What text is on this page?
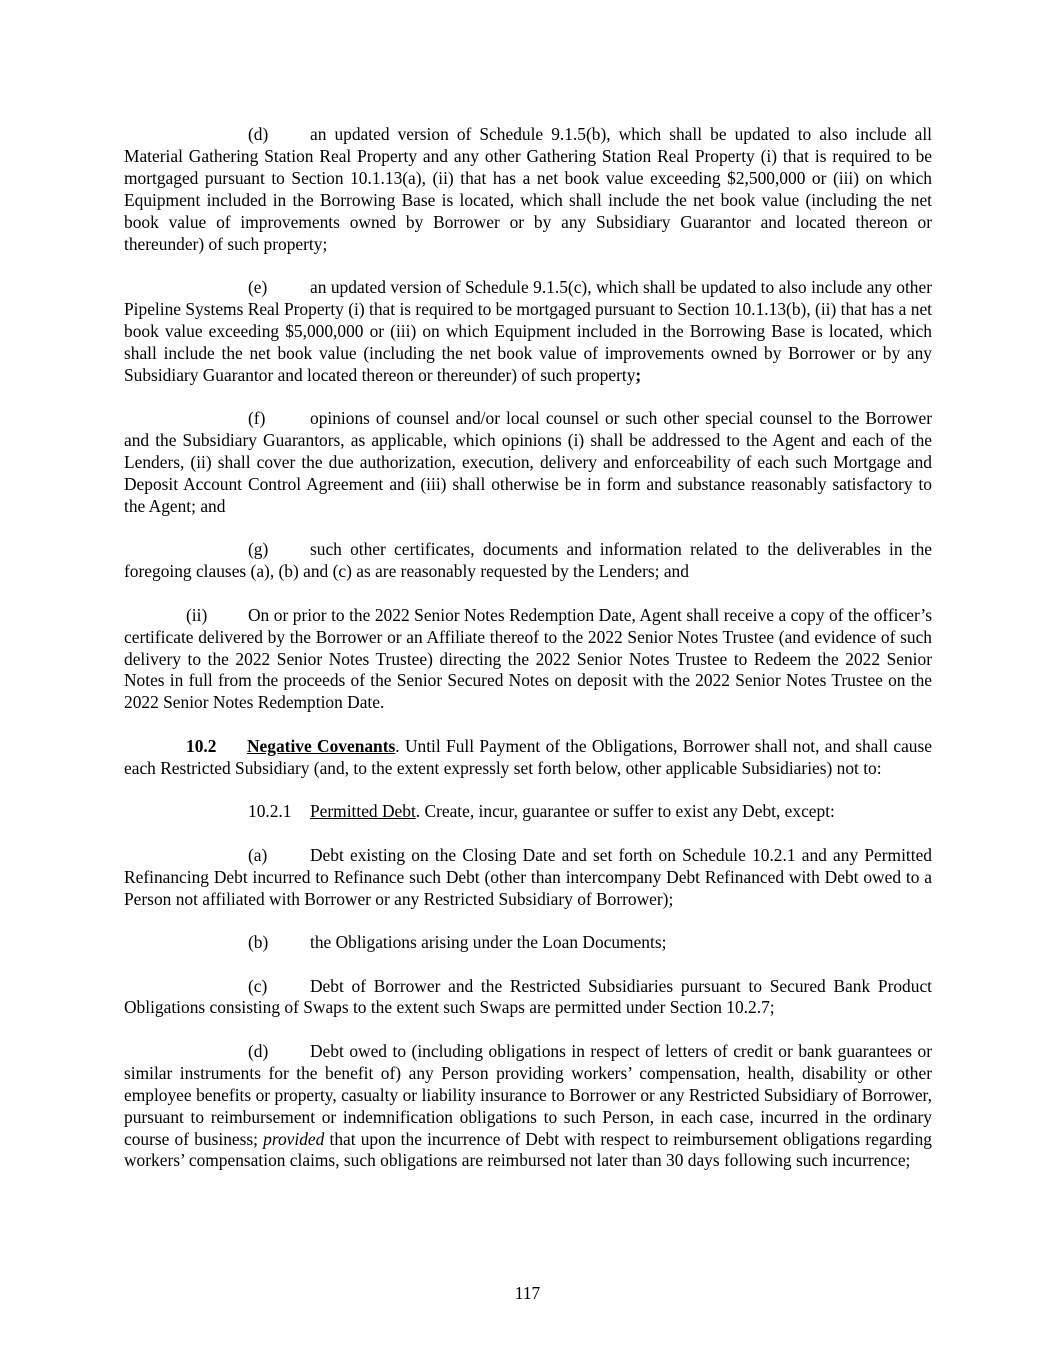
(d) an updated version of Schedule 9.1.5(b), which shall be updated to also include all Material Gathering Station Real Property and any other Gathering Station Real Property (i) that is required to be mortgaged pursuant to Section 10.1.13(a), (ii) that has a net book value exceeding $2,500,000 or (iii) on which Equipment included in the Borrowing Base is located, which shall include the net book value (including the net book value of improvements owned by Borrower or by any Subsidiary Guarantor and located thereon or thereunder) of such property;

(e) an updated version of Schedule 9.1.5(c), which shall be updated to also include any other Pipeline Systems Real Property (i) that is required to be mortgaged pursuant to Section 10.1.13(b), (ii) that has a net book value exceeding $5,000,000 or (iii) on which Equipment included in the Borrowing Base is located, which shall include the net book value (including the net book value of improvements owned by Borrower or by any Subsidiary Guarantor and located thereon or thereunder) of such property;

(f)	opinions of counsel and/or local counsel or such other special counsel to the Borrower and the Subsidiary Guarantors, as applicable, which opinions (i) shall be addressed to the Agent and each of the Lenders, (ii) shall cover the due authorization, execution, delivery and enforceability of each such Mortgage and Deposit Account Control Agreement and (iii) shall otherwise be in form and substance reasonably satisfactory to the Agent; and

(g) such other certificates, documents and information related to the deliverables in the foregoing clauses (a), (b) and (c) as are reasonably requested by the Lenders; and

(ii) On or prior to the 2022 Senior Notes Redemption Date, Agent shall receive a copy of the officer’s certificate delivered by the Borrower or an Affiliate thereof to the 2022 Senior Notes Trustee (and evidence of such delivery to the 2022 Senior Notes Trustee) directing the 2022 Senior Notes Trustee to Redeem the 2022 Senior Notes in full from the proceeds of the Senior Secured Notes on deposit with the 2022 Senior Notes Trustee on the 2022 Senior Notes Redemption Date.

10.2 Negative Covenants. Until Full Payment of the Obligations, Borrower shall not, and shall cause each Restricted Subsidiary (and, to the extent expressly set forth below, other applicable Subsidiaries) not to:

10.2.1 Permitted Debt. Create, incur, guarantee or suffer to exist any Debt, except:

(a) Debt existing on the Closing Date and set forth on Schedule 10.2.1 and any Permitted Refinancing Debt incurred to Refinance such Debt (other than intercompany Debt Refinanced with Debt owed to a Person not affiliated with Borrower or any Restricted Subsidiary of Borrower);

(b) the Obligations arising under the Loan Documents;

(c) Debt of Borrower and the Restricted Subsidiaries pursuant to Secured Bank Product Obligations consisting of Swaps to the extent such Swaps are permitted under Section 10.2.7;

(d) Debt owed to (including obligations in respect of letters of credit or bank guarantees or similar instruments for the benefit of) any Person providing workers’ compensation, health, disability or other employee benefits or property, casualty or liability insurance to Borrower or any Restricted Subsidiary of Borrower, pursuant to reimbursement or indemnification obligations to such Person, in each case, incurred in the ordinary course of business; provided that upon the incurrence of Debt with respect to reimbursement obligations regarding workers’ compensation claims, such obligations are reimbursed not later than 30 days following such incurrence;

117
